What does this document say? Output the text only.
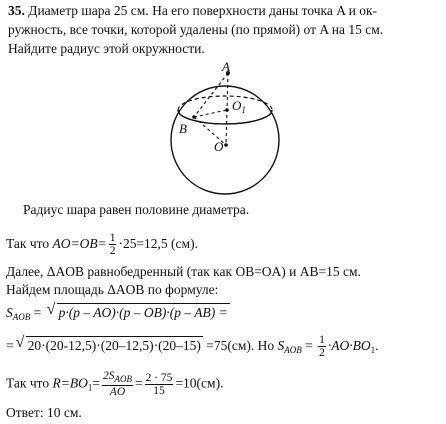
35. Диаметр шара 25 см. На его поверхности даны точка A и ок-
ружность, все точки, которой удалены (по прямой) от A на 15 см.
Найдите радиус этой окружности.
A
$O_1$
B
O
Радиус шара равен половине диаметра.
Так что $AO=OB= \frac{1}{2} \cdot 25=12,5$ (см).
Далее, ΔAOB равнобедренный (так как OB=OA) и AB=15 см.
Найдем площадь ΔAOB по формуле:
$S_{AOB}$ = √ p·(p – AO)·(p – OB)·(p – AB) =
= √ 20·(20-12,5)·(20–12,5)·(20–15) =75(см). Но $S_{AOB} = \frac{1}{2} \cdot AO\cdot BO_1$.
Так что $R=BO_1= \frac{2S_{AOB}}{AO} = \frac{2 \cdot 75}{15} =10(см)$.
Ответ: 10 см.
